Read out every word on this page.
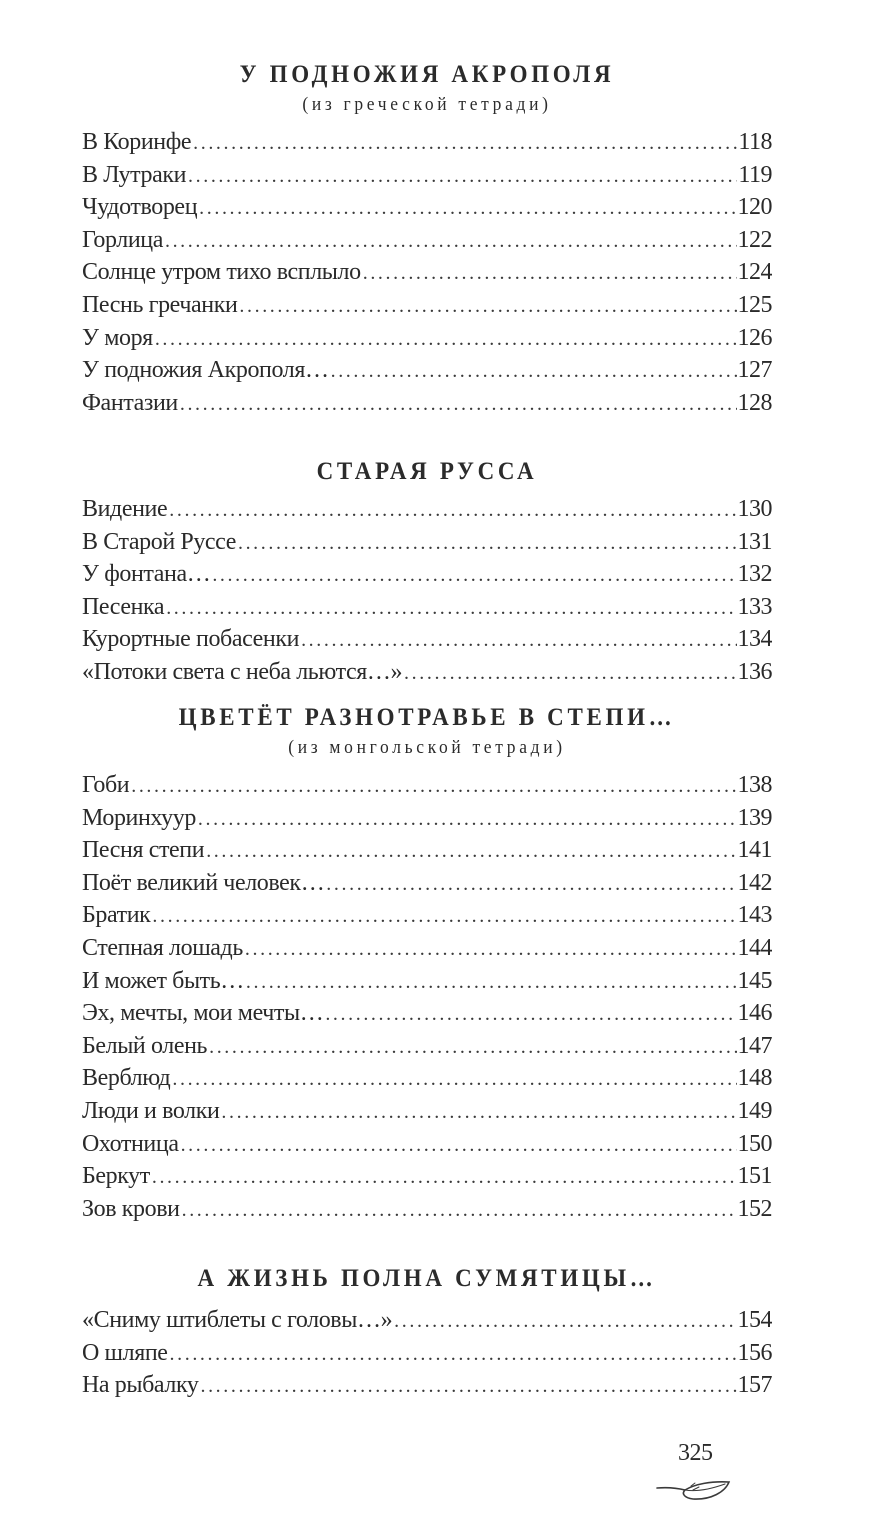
У ПОДНОЖИЯ АКРОПОЛЯ
(из греческой тетради)
В Коринфе . . .	118
В Лутраки . . .	119
Чудотворец . . .	120
Горлица . . .	122
Солнце утром тихо всплыло . . .	124
Песнь гречанки . . .	125
У моря . . .	126
У подножия Акрополя… . . .	127
Фантазии . . .	128
СТАРАЯ РУССА
Видение . . .	130
В Старой Руссе . . .	131
У фонтана… . . .	132
Песенка . . .	133
Курортные побасенки . . .	134
«Потоки света с неба льются…» . . .	136
ЦВЕТЁТ РАЗНОТРАВЬЕ В СТЕПИ…
(из монгольской тетради)
Гоби . . .	138
Моринхуур . . .	139
Песня степи . . .	141
Поёт великий человек… . . .	142
Братик . . .	143
Степная лошадь . . .	144
И может быть… . . .	145
Эх, мечты, мои мечты… . . .	146
Белый олень . . .	147
Верблюд . . .	148
Люди и волки . . .	149
Охотница . . .	150
Беркут . . .	151
Зов крови . . .	152
А ЖИЗНЬ ПОЛНА СУМЯТИЦЫ…
«Сниму штиблеты с головы…» . . .	154
О шляпе . . .	156
На рыбалку . . .	157
325
